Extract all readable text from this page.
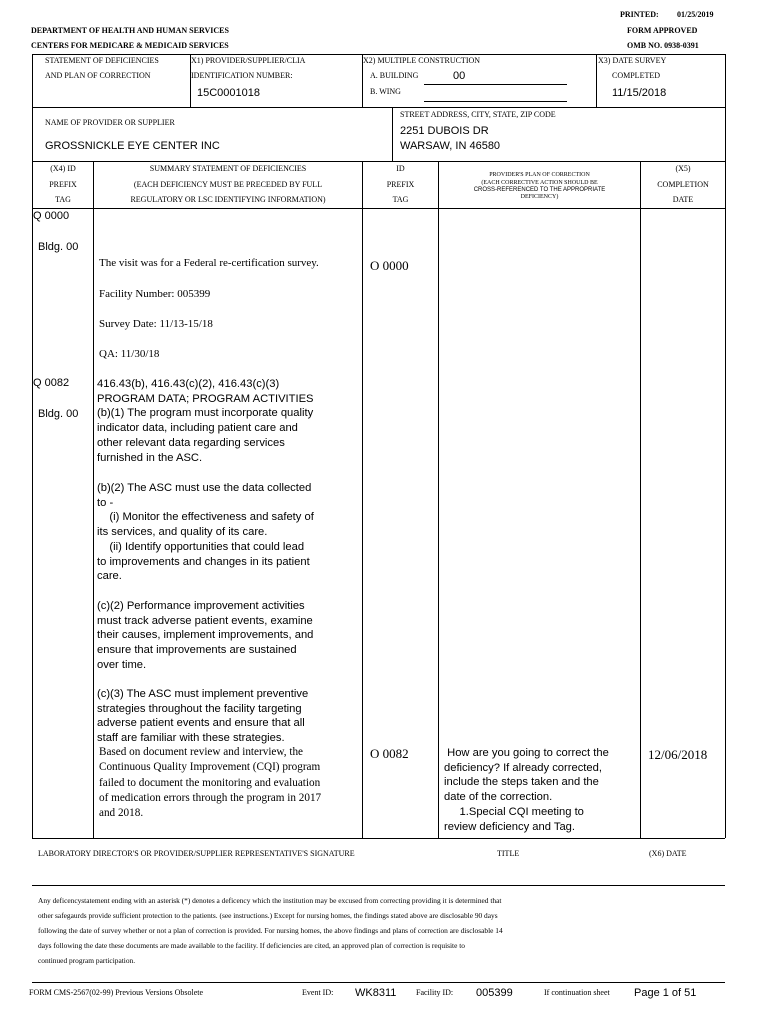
PRINTED: 01/25/2019
DEPARTMENT OF HEALTH AND HUMAN SERVICES	FORM APPROVED
CENTERS FOR MEDICARE & MEDICAID SERVICES	OMB NO. 0938-0391
STATEMENT OF DEFICIENCIES
AND PLAN OF CORRECTION
X1) PROVIDER/SUPPLIER/CLIA
IDENTIFICATION NUMBER:
15C0001018
X2) MULTIPLE CONSTRUCTION
A. BUILDING	00
B. WING
X3) DATE SURVEY
COMPLETED
11/15/2018
NAME OF PROVIDER OR SUPPLIER
GROSSNICKLE EYE CENTER INC
STREET ADDRESS, CITY, STATE, ZIP CODE
2251 DUBOIS DR
WARSAW, IN 46580
(X4) ID
PREFIX
TAG
SUMMARY STATEMENT OF DEFICIENCIES
(EACH DEFICIENCY MUST BE PRECEDED BY FULL
REGULATORY OR LSC IDENTIFYING INFORMATION)
ID
PREFIX
TAG
PROVIDER'S PLAN OF CORRECTION
(EACH CORRECTIVE ACTION SHOULD BE
CROSS-REFERENCED TO THE APPROPRIATE
DEFICIENCY)
(X5)
COMPLETION
DATE
Q 0000
Bldg. 00
The visit was for a Federal re-certification survey.	O 0000
Facility Number: 005399
Survey Date: 11/13-15/18
QA: 11/30/18
Q 0082
Bldg. 00
416.43(b), 416.43(c)(2), 416.43(c)(3)
PROGRAM DATA; PROGRAM ACTIVITIES
(b)(1) The program must incorporate quality
indicator data, including patient care and
other relevant data regarding services
furnished in the ASC.
(b)(2) The ASC must use the data collected
to -
(i) Monitor the effectiveness and safety of
its services, and quality of its care.
(ii) Identify opportunities that could lead
to improvements and changes in its patient
care.
(c)(2) Performance improvement activities
must track adverse patient events, examine
their causes, implement improvements, and
ensure that improvements are sustained
over time.
(c)(3) The ASC must implement preventive
strategies throughout the facility targeting
adverse patient events and ensure that all
staff are familiar with these strategies.
Based on document review and interview, the
Continuous Quality Improvement (CQI) program
failed to document the monitoring and evaluation
of medication errors through the program in 2017
and 2018.
O 0082	How are you going to correct the
deficiency? If already corrected,
include the steps taken and the
date of the correction.
1.Special CQI meeting to
review deficiency and Tag.
12/06/2018
LABORATORY DIRECTOR'S OR PROVIDER/SUPPLIER REPRESENTATIVE'S SIGNATURE	TITLE	(X6) DATE
Any deficencystatement ending with an asterisk (*) denotes a deficency which the institution may be excused from correcting providing it is determined that
other safegaurds provide sufficient protection to the patients. (see instructions.) Except for nursing homes, the findings stated above are disclosable 90 days
following the date of survey whether or not a plan of correction is provided. For nursing homes, the above findings and plans of correction are disclosable 14
days following the date these documents are made available to the facility. If deficiencies are cited, an approved plan of correction is requisite to
continued program participation.
FORM CMS-2567(02-99) Previous Versions Obsolete	Event ID: WK8311 Facility ID: 005399	If continuation sheet Page 1 of 51
